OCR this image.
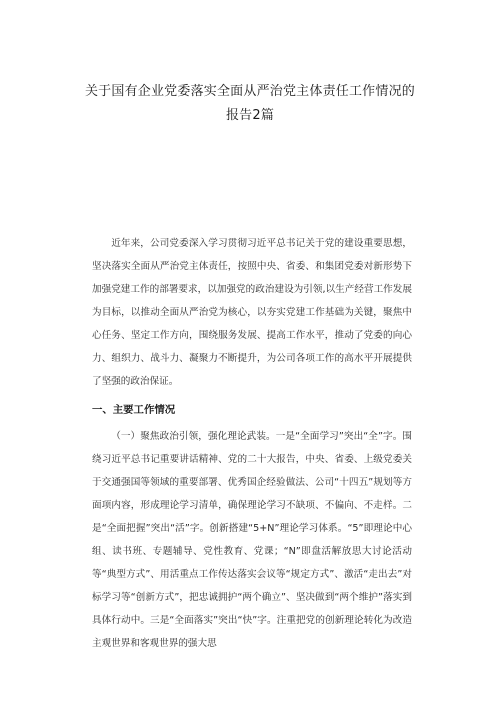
关于国有企业党委落实全面从严治党主体责任工作情况的
报告2篇

近年来，公司党委深入学习贯彻习近平总书记关于党的建设重要思想，坚决落实全面从严治党主体责任，按照中央、省委、和集团党委对新形势下加强党建工作的部署要求，以加强党的政治建设为引领,以生产经营工作发展为目标，以推动全面从严治党为核心，以夯实党建工作基础为关键，聚焦中心任务、坚定工作方向，围绕服务发展、提高工作水平，推动了党委的向心力、组织力、战斗力、凝聚力不断提升，为公司各项工作的高水平开展提供了坚强的政治保证。

一、主要工作情况

（一）聚焦政治引领，强化理论武装。一是“全面学习”突出“全”字。围绕习近平总书记重要讲话精神、党的二十大报告，中央、省委、上级党委关于交通强国等领域的重要部署、优秀国企经验做法、公司“十四五”规划等方面项内容，形成理论学习清单，确保理论学习不缺项、不偏向、不走样。二是“全面把握”突出“活”字。创新搭建“5+N”理论学习体系。“5”即理论中心组、读书班、专题辅导、党性教育、党课；“N”即盘活解放思大讨论活动等“典型方式”、用活重点工作传达落实会议等“规定方式”、激活“走出去”对标学习等“创新方式”，把忠诚拥护“两个确立”、坚决做到“两个维护”落实到具体行动中。三是“全面落实”突出“快”字。注重把党的创新理论转化为改造主观世界和客观世界的强大思
